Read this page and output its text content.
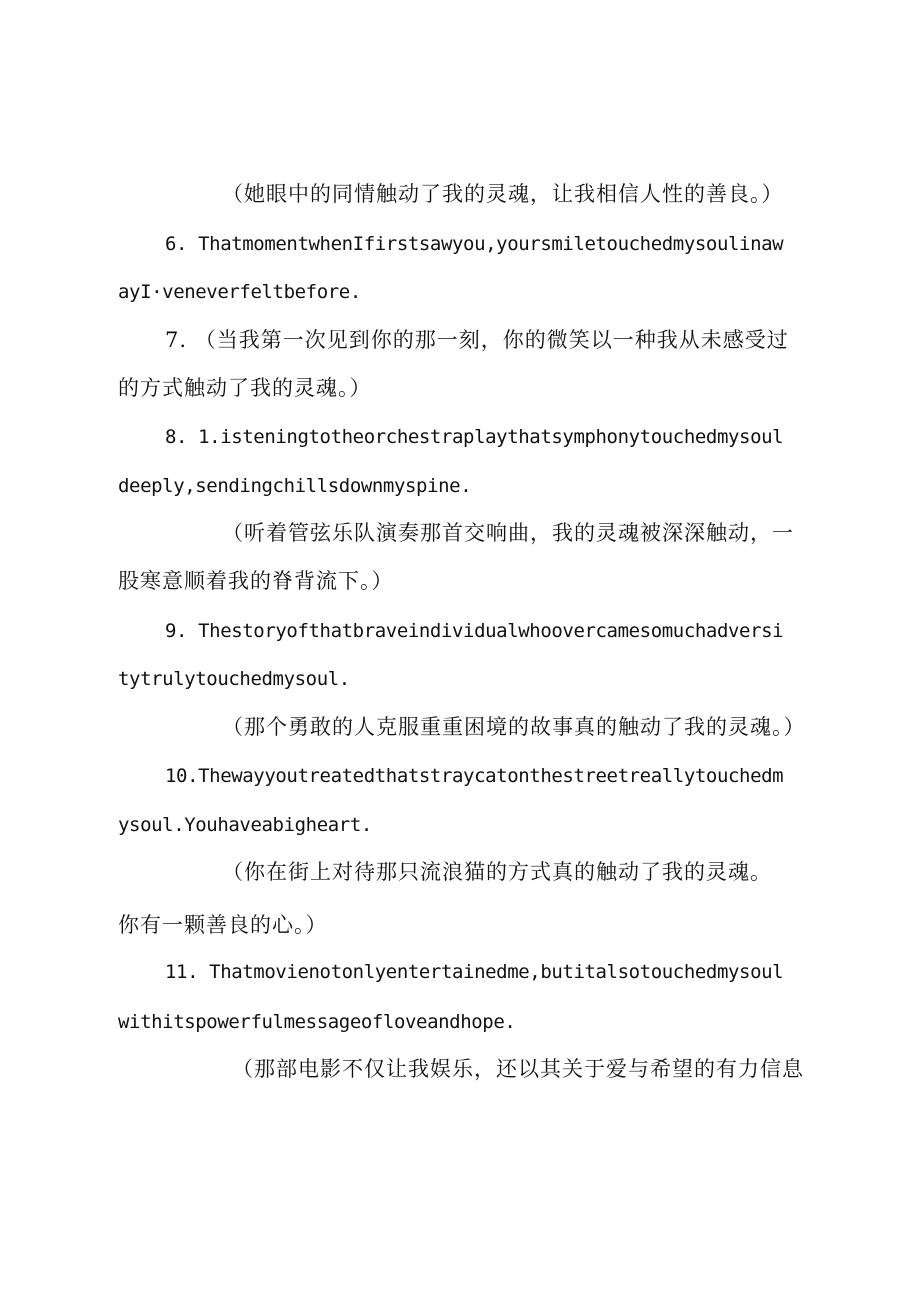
（她眼中的同情触动了我的灵魂，让我相信人性的善良。）
6. ThatmomentwhenIfirstsawyou,yoursmiletouchedmysoulinaw
ayI·veneverfeltbefore.
7. （当我第一次见到你的那一刻，你的微笑以一种我从未感受过
的方式触动了我的灵魂。）
8. 1.isteningtotheorchestraplaythatsymphonytouchedmysoul
deeply,sendingchillsdownmyspine.
（听着管弦乐队演奏那首交响曲，我的灵魂被深深触动，一
股寒意顺着我的脊背流下。）
9. Thestoryofthatbraveindividualwhoovercamesomuchadversi
tytrulytouchedmysoul.
（那个勇敢的人克服重重困境的故事真的触动了我的灵魂。）
10.Thewayyoutreatedthatstraycatonthestreetreallytouchedm
ysoul.Youhaveabigheart.
（你在街上对待那只流浪猫的方式真的触动了我的灵魂。
你有一颗善良的心。）
11. Thatmovienotonlyentertainedme,butitalsotouchedmysoul
withitspowerfulmessageofloveandhope.
（那部电影不仅让我娱乐，还以其关于爱与希望的有力信息
